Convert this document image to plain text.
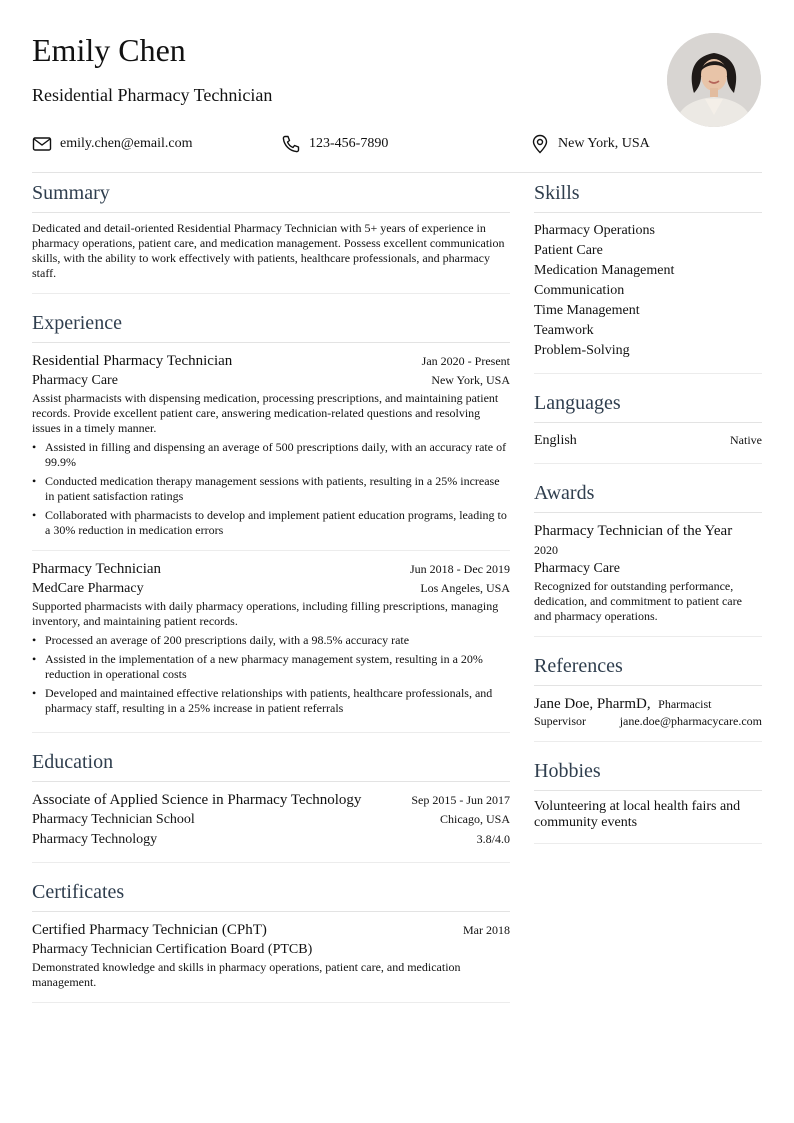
Emily Chen
Residential Pharmacy Technician
emily.chen@email.com	123-456-7890	New York, USA
Summary

Dedicated and detail-oriented Residential Pharmacy Technician with 5+ years of experience in pharmacy operations, patient care, and medication management. Possess excellent communication skills, with the ability to work effectively with patients, healthcare professionals, and pharmacy staff.

Experience
Residential Pharmacy Technician	Jan 2020 - Present
Pharmacy Care	New York, USA

Assist pharmacists with dispensing medication, processing prescriptions, and maintaining patient records. Provide excellent patient care, answering medication-related questions and resolving issues in a timely manner.

• Assisted in filling and dispensing an average of 500 prescriptions daily, with an accuracy rate of 99.9%
• Conducted medication therapy management sessions with patients, resulting in a 25% increase in patient satisfaction ratings
• Collaborated with pharmacists to develop and implement patient education programs, leading to a 30% reduction in medication errors
Pharmacy Technician	Jun 2018 - Dec 2019
MedCare Pharmacy	Los Angeles, USA

Supported pharmacists with daily pharmacy operations, including filling prescriptions, managing inventory, and maintaining patient records.

• Processed an average of 200 prescriptions daily, with a 98.5% accuracy rate
• Assisted in the implementation of a new pharmacy management system, resulting in a 20% reduction in operational costs
• Developed and maintained effective relationships with patients, healthcare professionals, and pharmacy staff, resulting in a 25% increase in patient referrals
Education
Associate of Applied Science in Pharmacy Technology	Sep 2015 - Jun 2017
Pharmacy Technician School	Chicago, USA
Pharmacy Technology	3.8/4.0
Certificates
Certified Pharmacy Technician (CPhT)	Mar 2018
Pharmacy Technician Certification Board (PTCB)

Demonstrated knowledge and skills in pharmacy operations, patient care, and medication management.

Skills
Pharmacy Operations
Patient Care
Medication Management
Communication
Time Management
Teamwork
Problem-Solving
Languages
English	Native
Awards
Pharmacy Technician of the Year
2020
Pharmacy Care

Recognized for outstanding performance, dedication, and commitment to patient care and pharmacy operations.

References
Jane Doe, PharmD, Pharmacist
Supervisor	jane.doe@pharmacycare.com
Hobbies
Volunteering at local health fairs and community events
